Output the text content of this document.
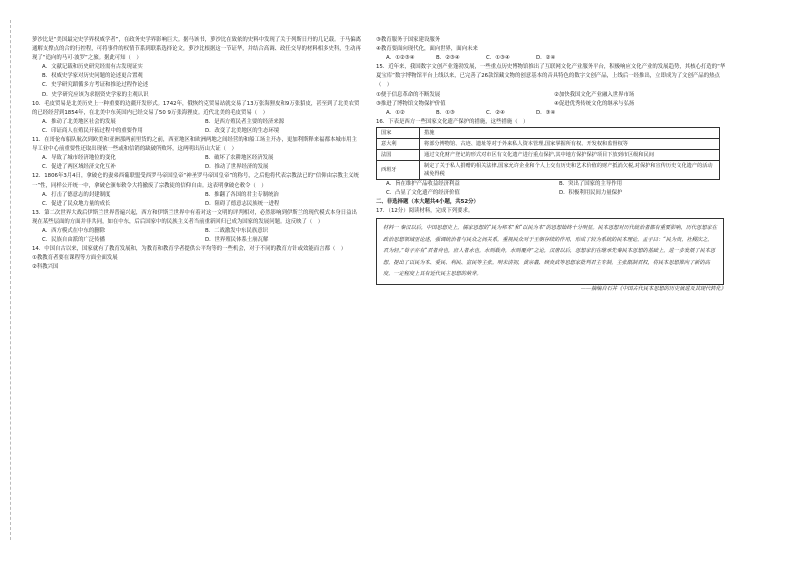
萝沙比是“美国最完史学界权威学者”，在政务史学界影响巨大。据马该书，萝沙比在致依的史料中发现了关于列斯日丹的几记载。于马偏离通解支撑点的合的行控程，可将事件的权情节系到联系选择论文，萝沙比根据这一节证华，并结合高调、政任交导的材料相多史科，生动再现了“追向的马可·波罗”之旅。据此可知（　）
A．文献记载和历史研究经需有古发现证实
B．权威史学家对历史问题的论述更合置观
C．史学研究蹈循多方考证和推论过程作论述
D．史学研究应该为求据资史学家的主观认识
10．毛皮贸易是北美历史上一种重要的边疆开发形式。1742年，俄恢约克贸易站就交易了13万张海狸皮和9万张貂皮，甚至到了北美农贸的已经经营到1854年，在北美中东英国内已经交易了50 9万张海狸皮。近代北美的毛皮贸易（　）
A．推动了北美地区社会的发展	B．是西方殖民者主要的经济来源
C．印证商人在殖民开拓过程中的重要作用	D．改变了北美地区的生态环境
11．在哥伦布船队航次到欧美和亚洲那两前里货的之前，西亚地区和欧洲两地之间经营的和船工场主开办，更加利斯释来福都本城市用主导工业中心前重要性还取出现依一些或和信销的缺破所败坏，这两明出历山大证（　）
A．导致了城市经济地位的变化	B．破坏了农耕地区经济发展
C．促进了两区域经济文化互补	D．推动了世界经济的发展
12．1806年3月4日，拿破仑的妻弟西葡联盟受西罗马帝国皇帝“神圣罗马帝国皇帝”的称号，之后他将代表宗教法已的“信仰由宗教主义统一”性，同样公开统一中，拿破仑颁布敕令大将撤废了宗教徒的信仰自由。这表明拿破仑敕令（　）
A．打击了德意志的封建制度	B．推翻了各国的君主专制统治
C．促进了民众地力量的成长	D．阻碍了德意志民族统一进程
13．第二次世界大战后伊斯兰世界普遍兴起，西方和伊斯兰世界中有着对这一文明的评判相对，必然影响到伊斯兰的现代模式本身日益出现在某些层面的方面并非共同，如在中东，后后国家中的民族主义者当前重新回归已成为国家的发展问题。这反映了（　）
A．西方模式在中东的删除	B．二战激发中东民族意识
C．民族自由派的广泛传播	D．世界殖民体系土崩瓦解
14．中国自古以来，国家就有了教育发展和，为教育和教育学者提供公平均等的一些机会，对于不同的教育方针或效能而言都（　）
①教教育者要在课程等方面全面发展
②科教兴国
③教育服务于国家建设服务
④教育要面向现代化，面向世界，面向未来
A．①②③④	B．②③④	C．①③④	D．②④
15．近年来，我国数字文创产业蓬勃发展，一些重点历史博物馆推出了互联网文化产业服务平台，积极响应文化产业的发展趋势，其核心打造的“华夏宝库”数字博物馆平台上线以来，已完善了26款馆藏文物的创意基本的音具特色的数字文创产品，上线后一经推出，立即成为了文创产品的热点（　）
①便于信息革命的不断发展	②加快我国文化产业融入世界市场
③推进了博物馆文物保护价值	④促进优秀传统文化的继承与弘扬
A．①②	B．①③	C．②④	D．③④
16．下表是西方一些国家文化遗产保护的措施，这些措施（　）
国家	措施
意大利	将部分博物馆、古迹、遗址等对于外来私人资本管理,国家掌握所有权、开发权和监督权等
法国	通过文化财产登记的形式对市区有文化遗产进行重点保护,其中地方保护保护项目下放到市区级和民间
西班牙	制定了关于私人捐赠的相关法律,国家允许企业和个人上交有历史和艺术价值的财产抵消欠税,对保护和宣传历史文化遗产的活动减免得税
A．旨在维护产品收益经济利益	B．突出了国家的主导作用
C．凸显了文化遗产的经济价值	D．积极利用民间力量保护
二、非选择题（本大题共4小题，共52分）
17．（12分）阅读材料，完成下列要求。
材料一 秦汉以后，中国思想史上，儒家思想的“民为邦本”和“以民为本”的思想始终十分明显。民本思想对历代统治者都有重要影响，历代思想家在政治思想领域里论述，强调统治者与民众之间关系，重视民众对于王朝存续的作用，形成了较为系统的民本理论。孟子曰：“民为贵，社稷次之，君为轻。”荀子亦有“君者舟也，庶人者水也，水则载舟，水则覆舟”之论，汉唐以后，思想家们在继承先秦民本思想的基础上，进一步发展了民本思想，提出了以民为本、爱民、利民、富民等主张。明末清初，黄宗羲、顾炎武等思想家批判君主专制，主张限制君权，将民本思想推向了新的高度，一定程度上具有近代民主思想的萌芽。
——摘编自石井《中国古代民本思想的历史演进及其现代转化》
